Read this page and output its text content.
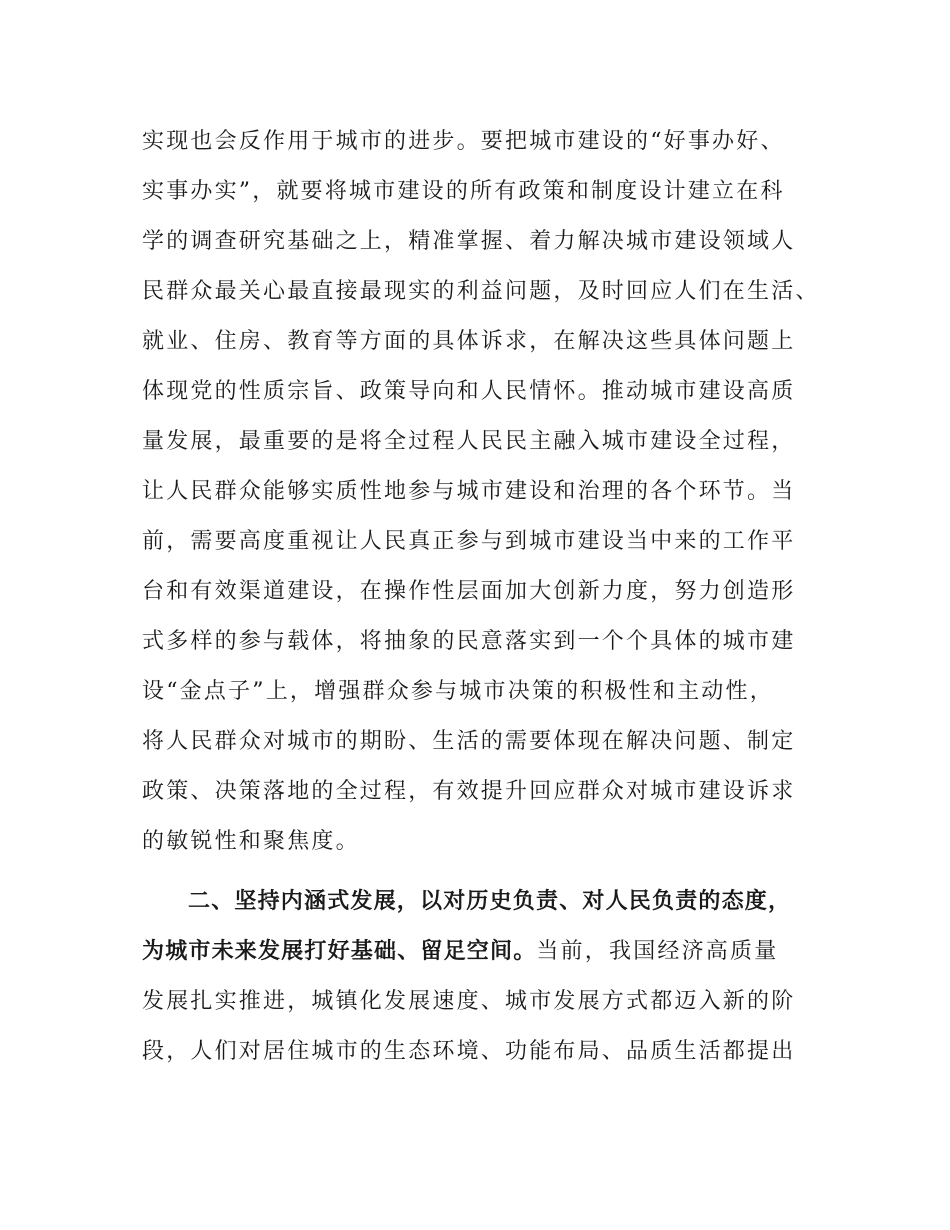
实现也会反作用于城市的进步。要把城市建设的“好事办好、
实事办实”，就要将城市建设的所有政策和制度设计建立在科
学的调查研究基础之上，精准掌握、着力解决城市建设领域人
民群众最关心最直接最现实的利益问题，及时回应人们在生活、
就业、住房、教育等方面的具体诉求，在解决这些具体问题上
体现党的性质宗旨、政策导向和人民情怀。推动城市建设高质
量发展，最重要的是将全过程人民民主融入城市建设全过程，
让人民群众能够实质性地参与城市建设和治理的各个环节。当
前，需要高度重视让人民真正参与到城市建设当中来的工作平
台和有效渠道建设，在操作性层面加大创新力度，努力创造形
式多样的参与载体，将抽象的民意落实到一个个具体的城市建
设“金点子”上，增强群众参与城市决策的积极性和主动性，
将人民群众对城市的期盼、生活的需要体现在解决问题、制定
政策、决策落地的全过程，有效提升回应群众对城市建设诉求
的敏锐性和聚焦度。
二、坚持内涵式发展，以对历史负责、对人民负责的态度，
为城市未来发展打好基础、留足空间。当前，我国经济高质量
发展扎实推进，城镇化发展速度、城市发展方式都迈入新的阶
段，人们对居住城市的生态环境、功能布局、品质生活都提出
